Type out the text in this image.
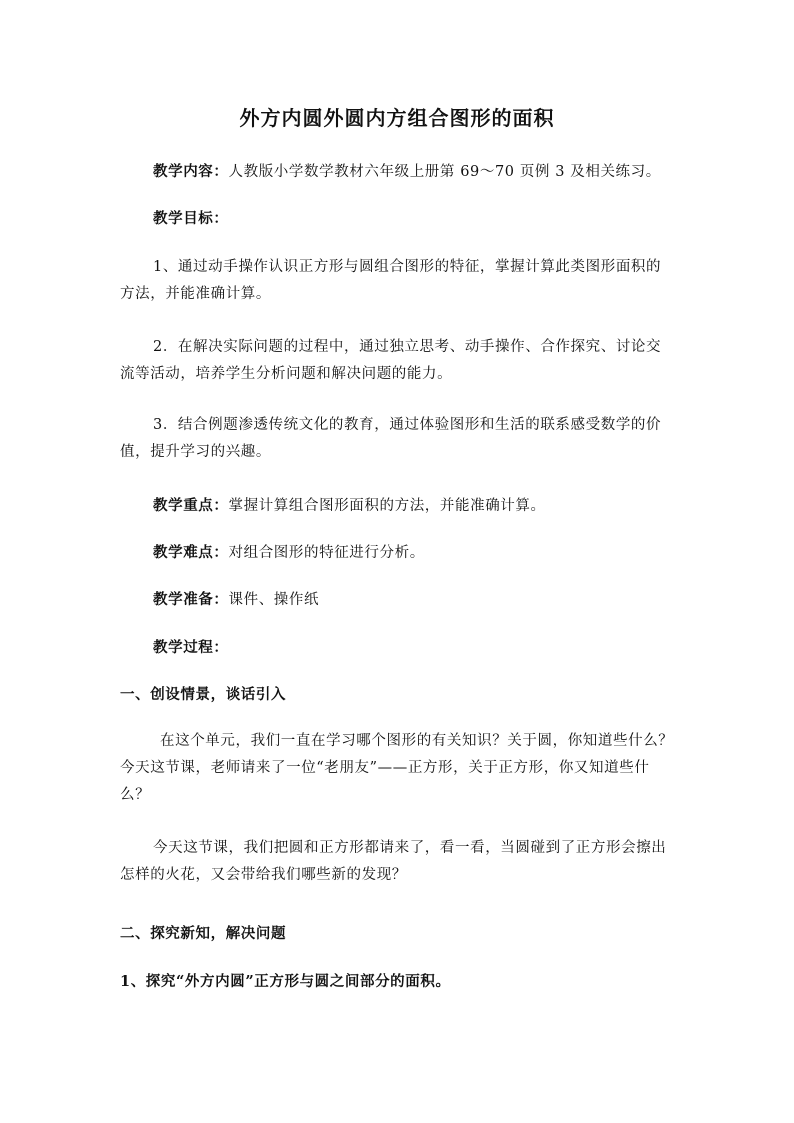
外方内圆外圆内方组合图形的面积
教学内容：人教版小学数学教材六年级上册第 69～70 页例 3 及相关练习。
教学目标：
1、通过动手操作认识正方形与圆组合图形的特征，掌握计算此类图形面积的方法，并能准确计算。
2．在解决实际问题的过程中，通过独立思考、动手操作、合作探究、讨论交流等活动，培养学生分析问题和解决问题的能力。
3．结合例题渗透传统文化的教育，通过体验图形和生活的联系感受数学的价值，提升学习的兴趣。
教学重点：掌握计算组合图形面积的方法，并能准确计算。
教学难点：对组合图形的特征进行分析。
教学准备：课件、操作纸
教学过程：
一、创设情景，谈话引入
在这个单元，我们一直在学习哪个图形的有关知识？关于圆，你知道些什么？今天这节课，老师请来了一位“老朋友”——正方形，关于正方形，你又知道些什么？
今天这节课，我们把圆和正方形都请来了，看一看，当圆碰到了正方形会擦出怎样的火花，又会带给我们哪些新的发现？
二、探究新知，解决问题
1、探究“外方内圆”正方形与圆之间部分的面积。
